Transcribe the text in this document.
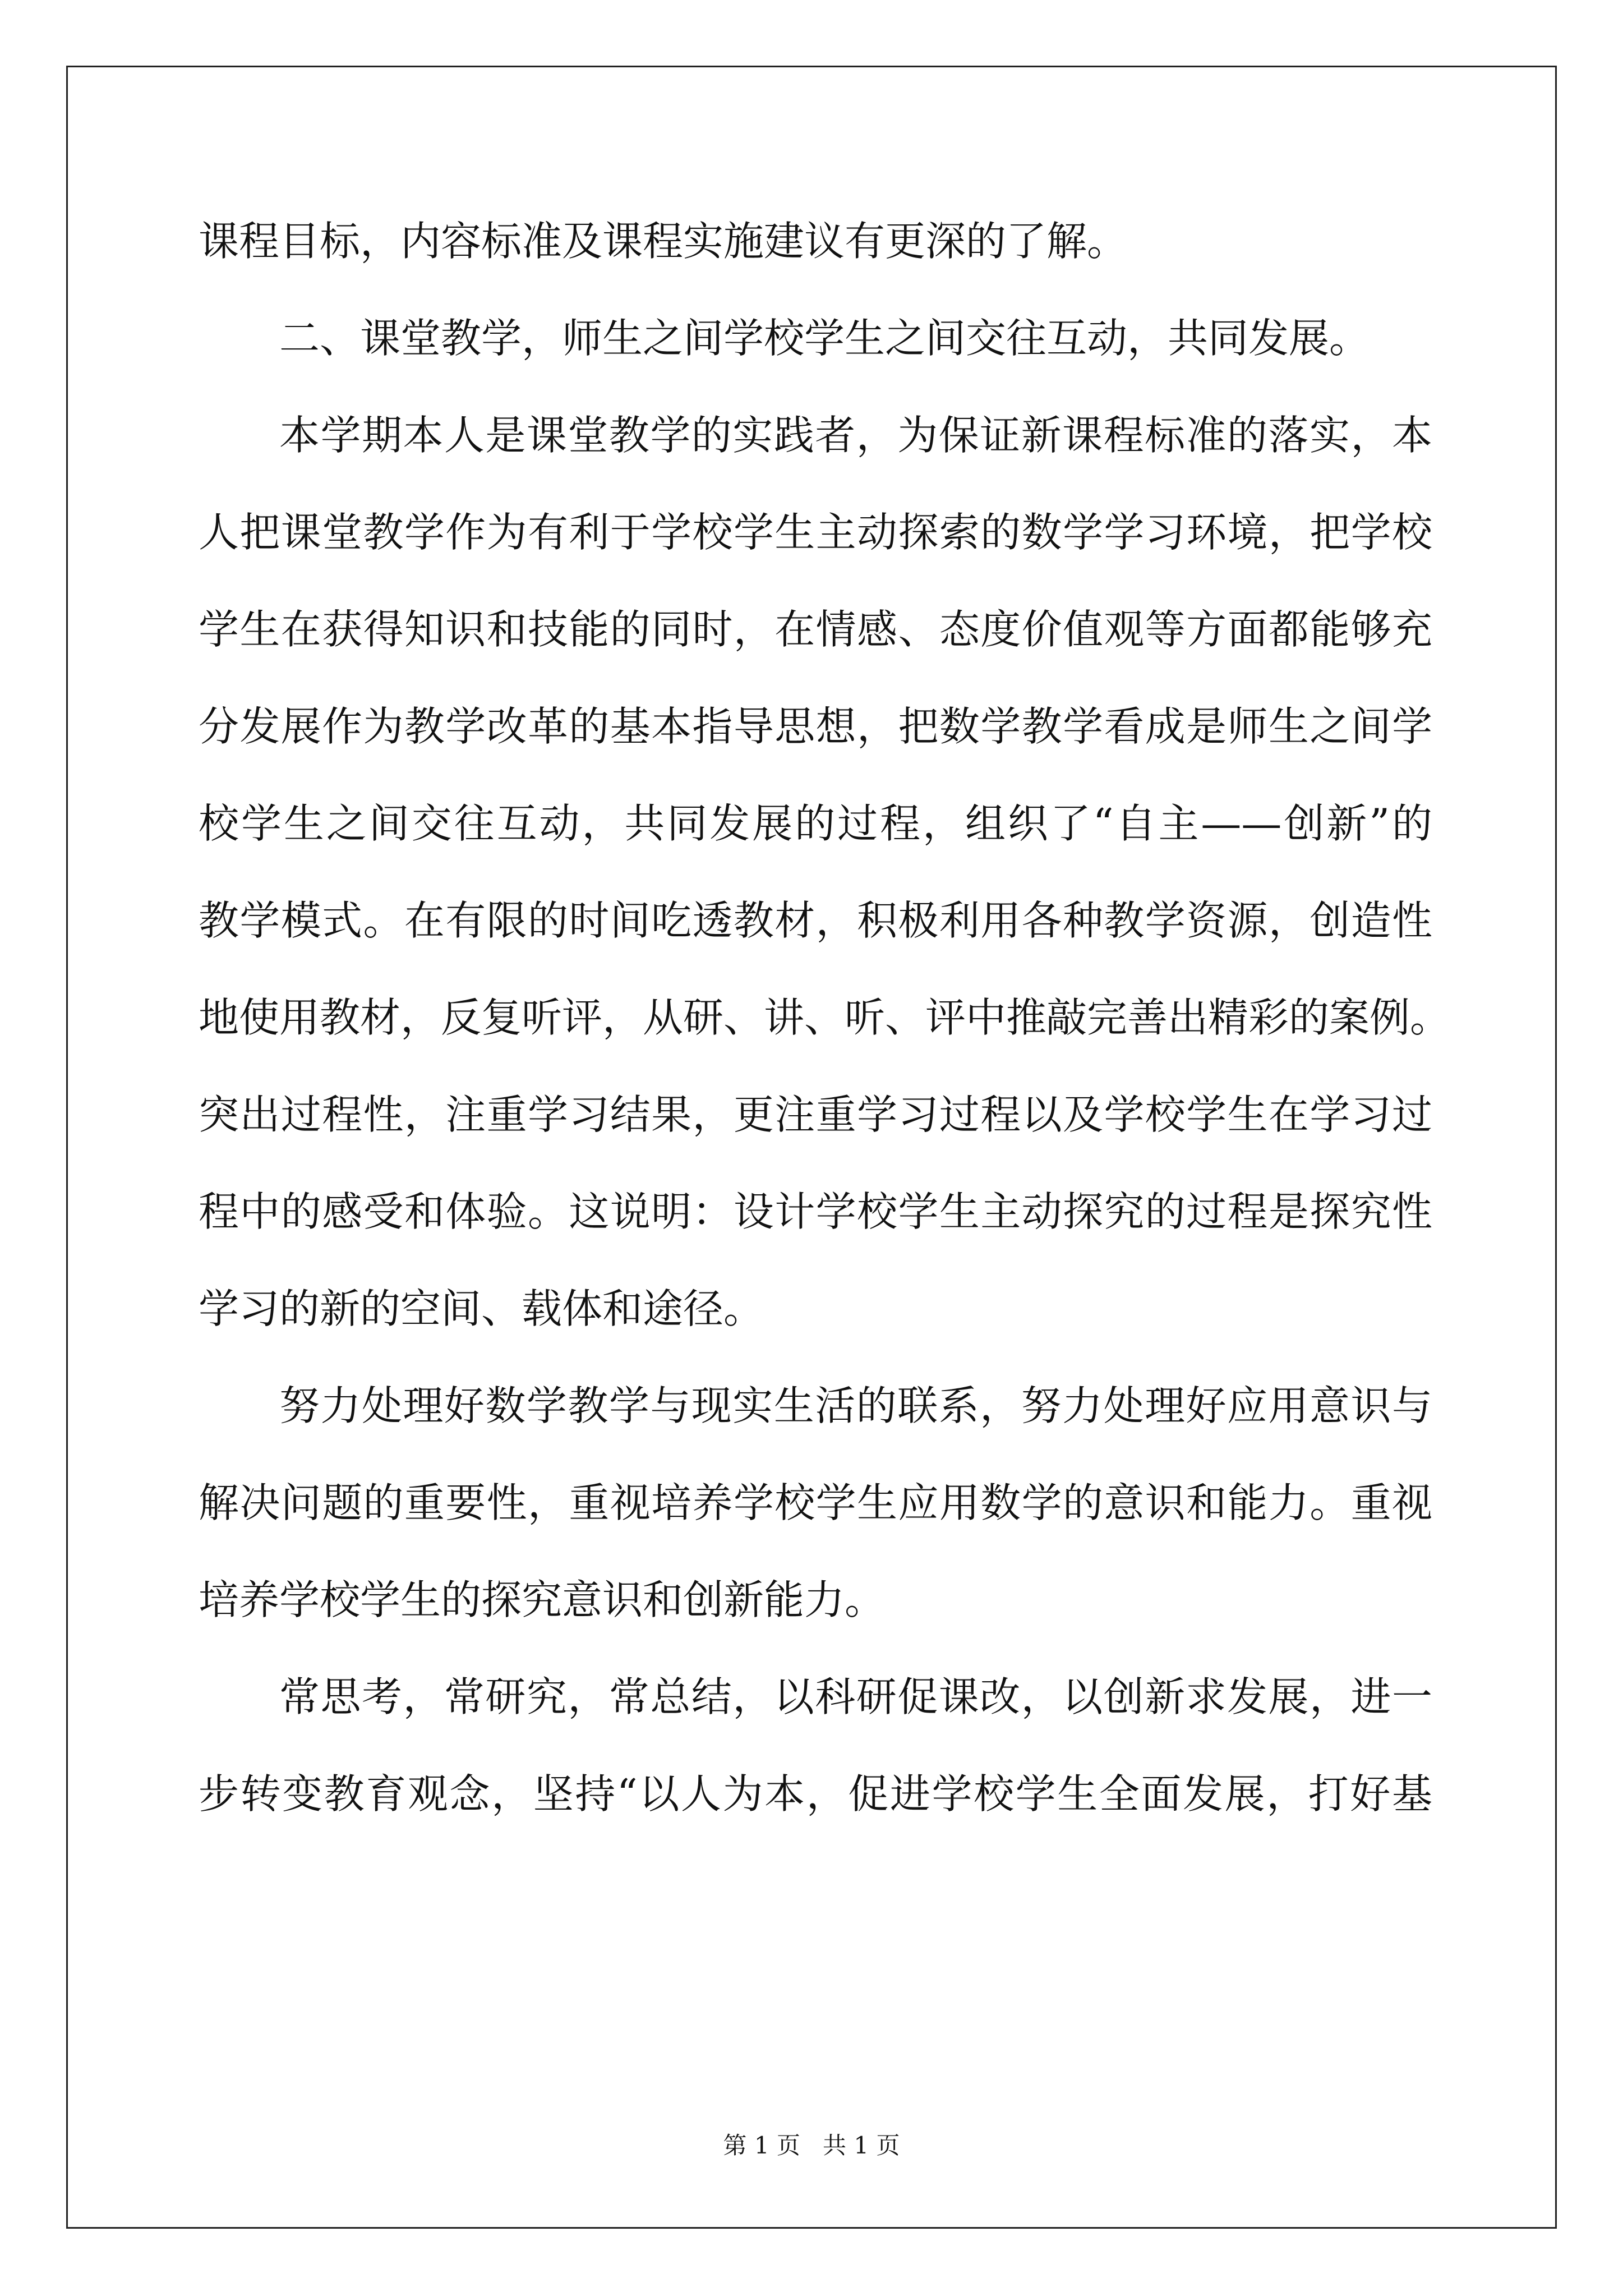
课程目标，内容标准及课程实施建议有更深的了解。
二、课堂教学，师生之间学校学生之间交往互动，共同发展。
本学期本人是课堂教学的实践者，为保证新课程标准的落实，本
人把课堂教学作为有利于学校学生主动探索的数学学习环境，把学校
学生在获得知识和技能的同时，在情感、态度价值观等方面都能够充
分发展作为教学改革的基本指导思想，把数学教学看成是师生之间学
校学生之间交往互动，共同发展的过程，组织了“自主——创新”的
教学模式。在有限的时间吃透教材，积极利用各种教学资源，创造性
地使用教材，反复听评，从研、讲、听、评中推敲完善出精彩的案例。
突出过程性，注重学习结果，更注重学习过程以及学校学生在学习过
程中的感受和体验。这说明：设计学校学生主动探究的过程是探究性
学习的新的空间、载体和途径。
努力处理好数学教学与现实生活的联系，努力处理好应用意识与
解决问题的重要性，重视培养学校学生应用数学的意识和能力。重视
培养学校学生的探究意识和创新能力。
常思考，常研究，常总结，以科研促课改，以创新求发展，进一
步转变教育观念，坚持“以人为本，促进学校学生全面发展，打好基
第 1 页   共 1 页
